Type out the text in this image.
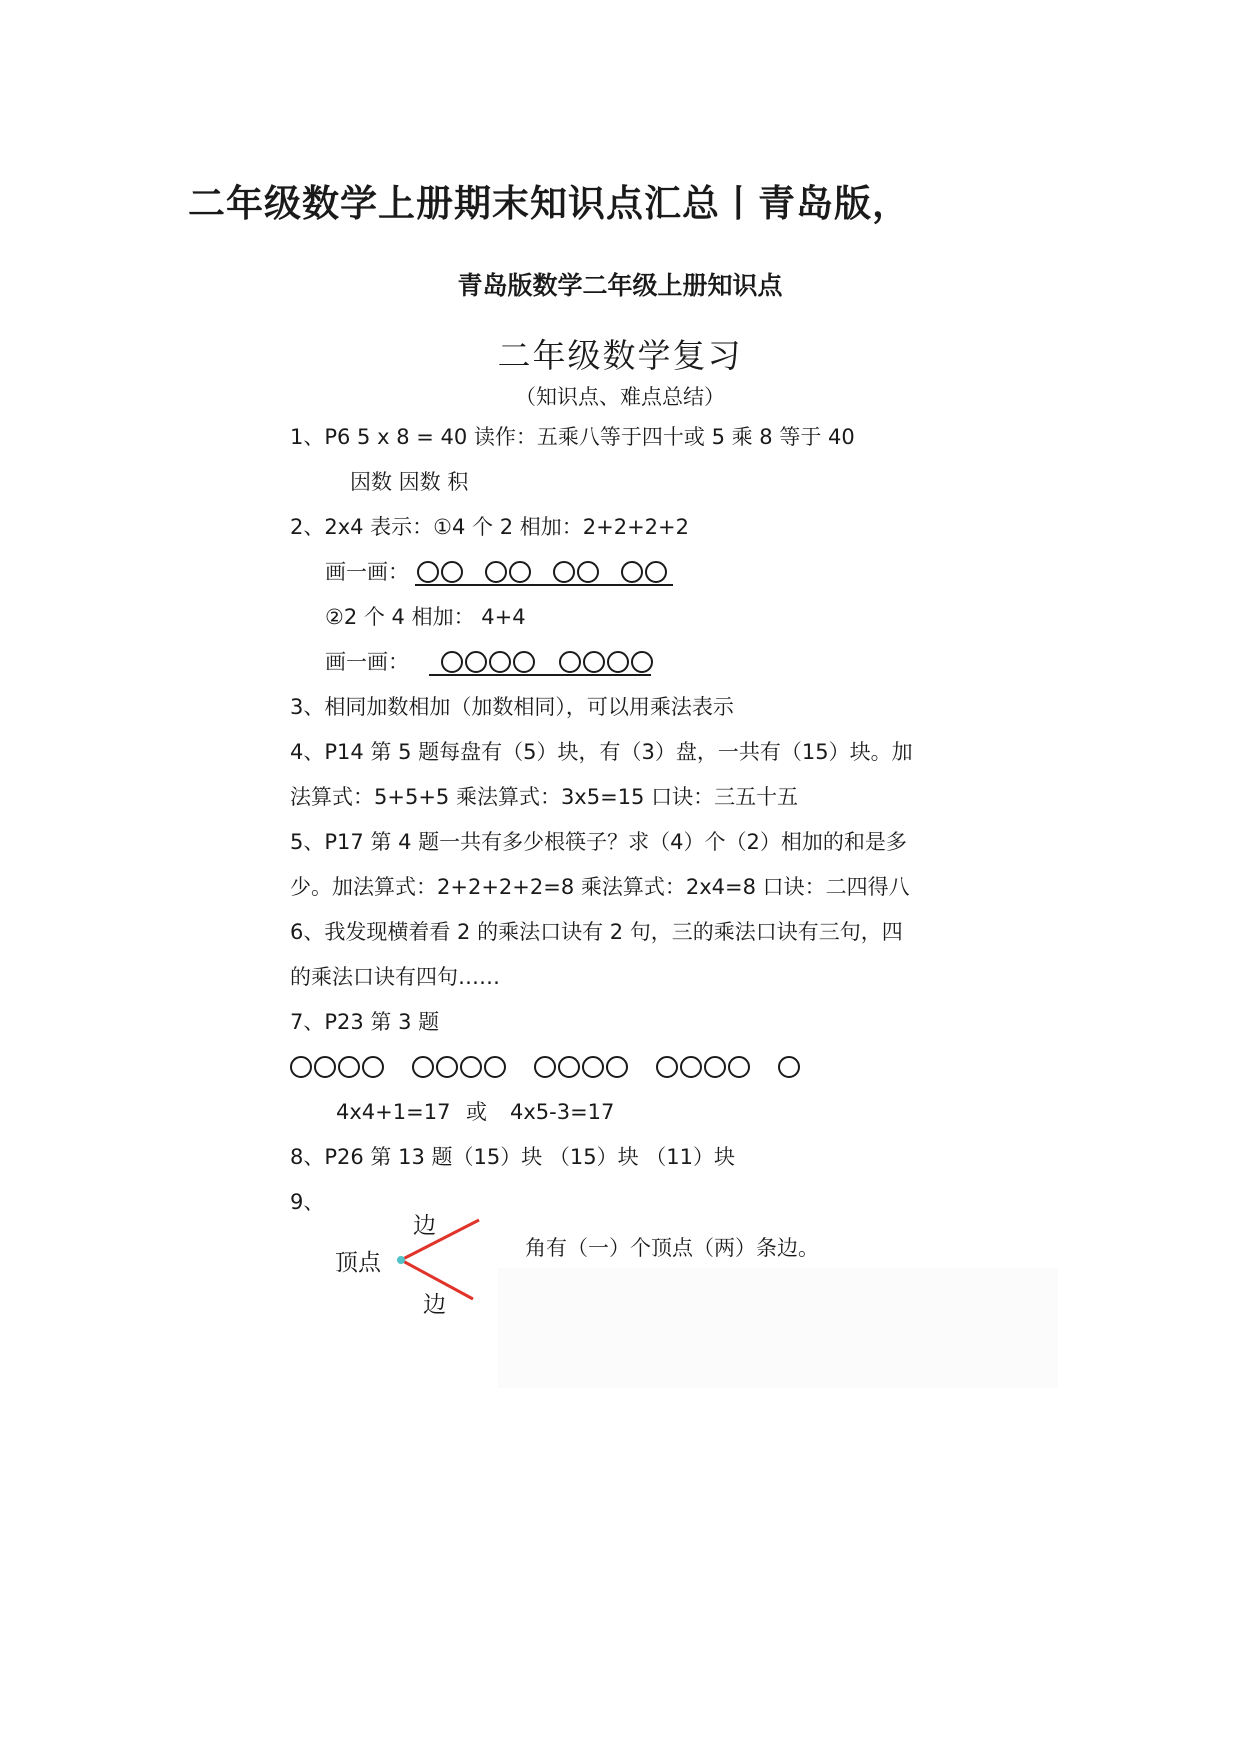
二年级数学上册期末知识点汇总丨青岛版，
青岛版数学二年级上册知识点
二年级数学复习
（知识点、难点总结）
1、P6 5 x 8 = 40 读作：五乘八等于四十或 5 乘 8 等于 40
因数 因数 积
2、2x4 表示：①4 个 2 相加：2+2+2+2
画一画：
②2 个 4 相加： 4+4
画一画：
3、相同加数相加（加数相同），可以用乘法表示
4、P14 第 5 题每盘有（5）块，有（3）盘，一共有（15）块。加
法算式：5+5+5 乘法算式：3x5=15 口诀：三五十五
5、P17 第 4 题一共有多少根筷子？求（4）个（2）相加的和是多
少。加法算式：2+2+2+2=8 乘法算式：2x4=8 口诀：二四得八
6、我发现横着看 2 的乘法口诀有 2 句，三的乘法口诀有三句，四
的乘法口诀有四句……
7、P23 第 3 题
4x4+1=17 或 4x5-3=17
8、P26 第 13 题（15）块 （15）块 （11）块
9、
边
顶点
边
角有（一）个顶点（两）条边。
